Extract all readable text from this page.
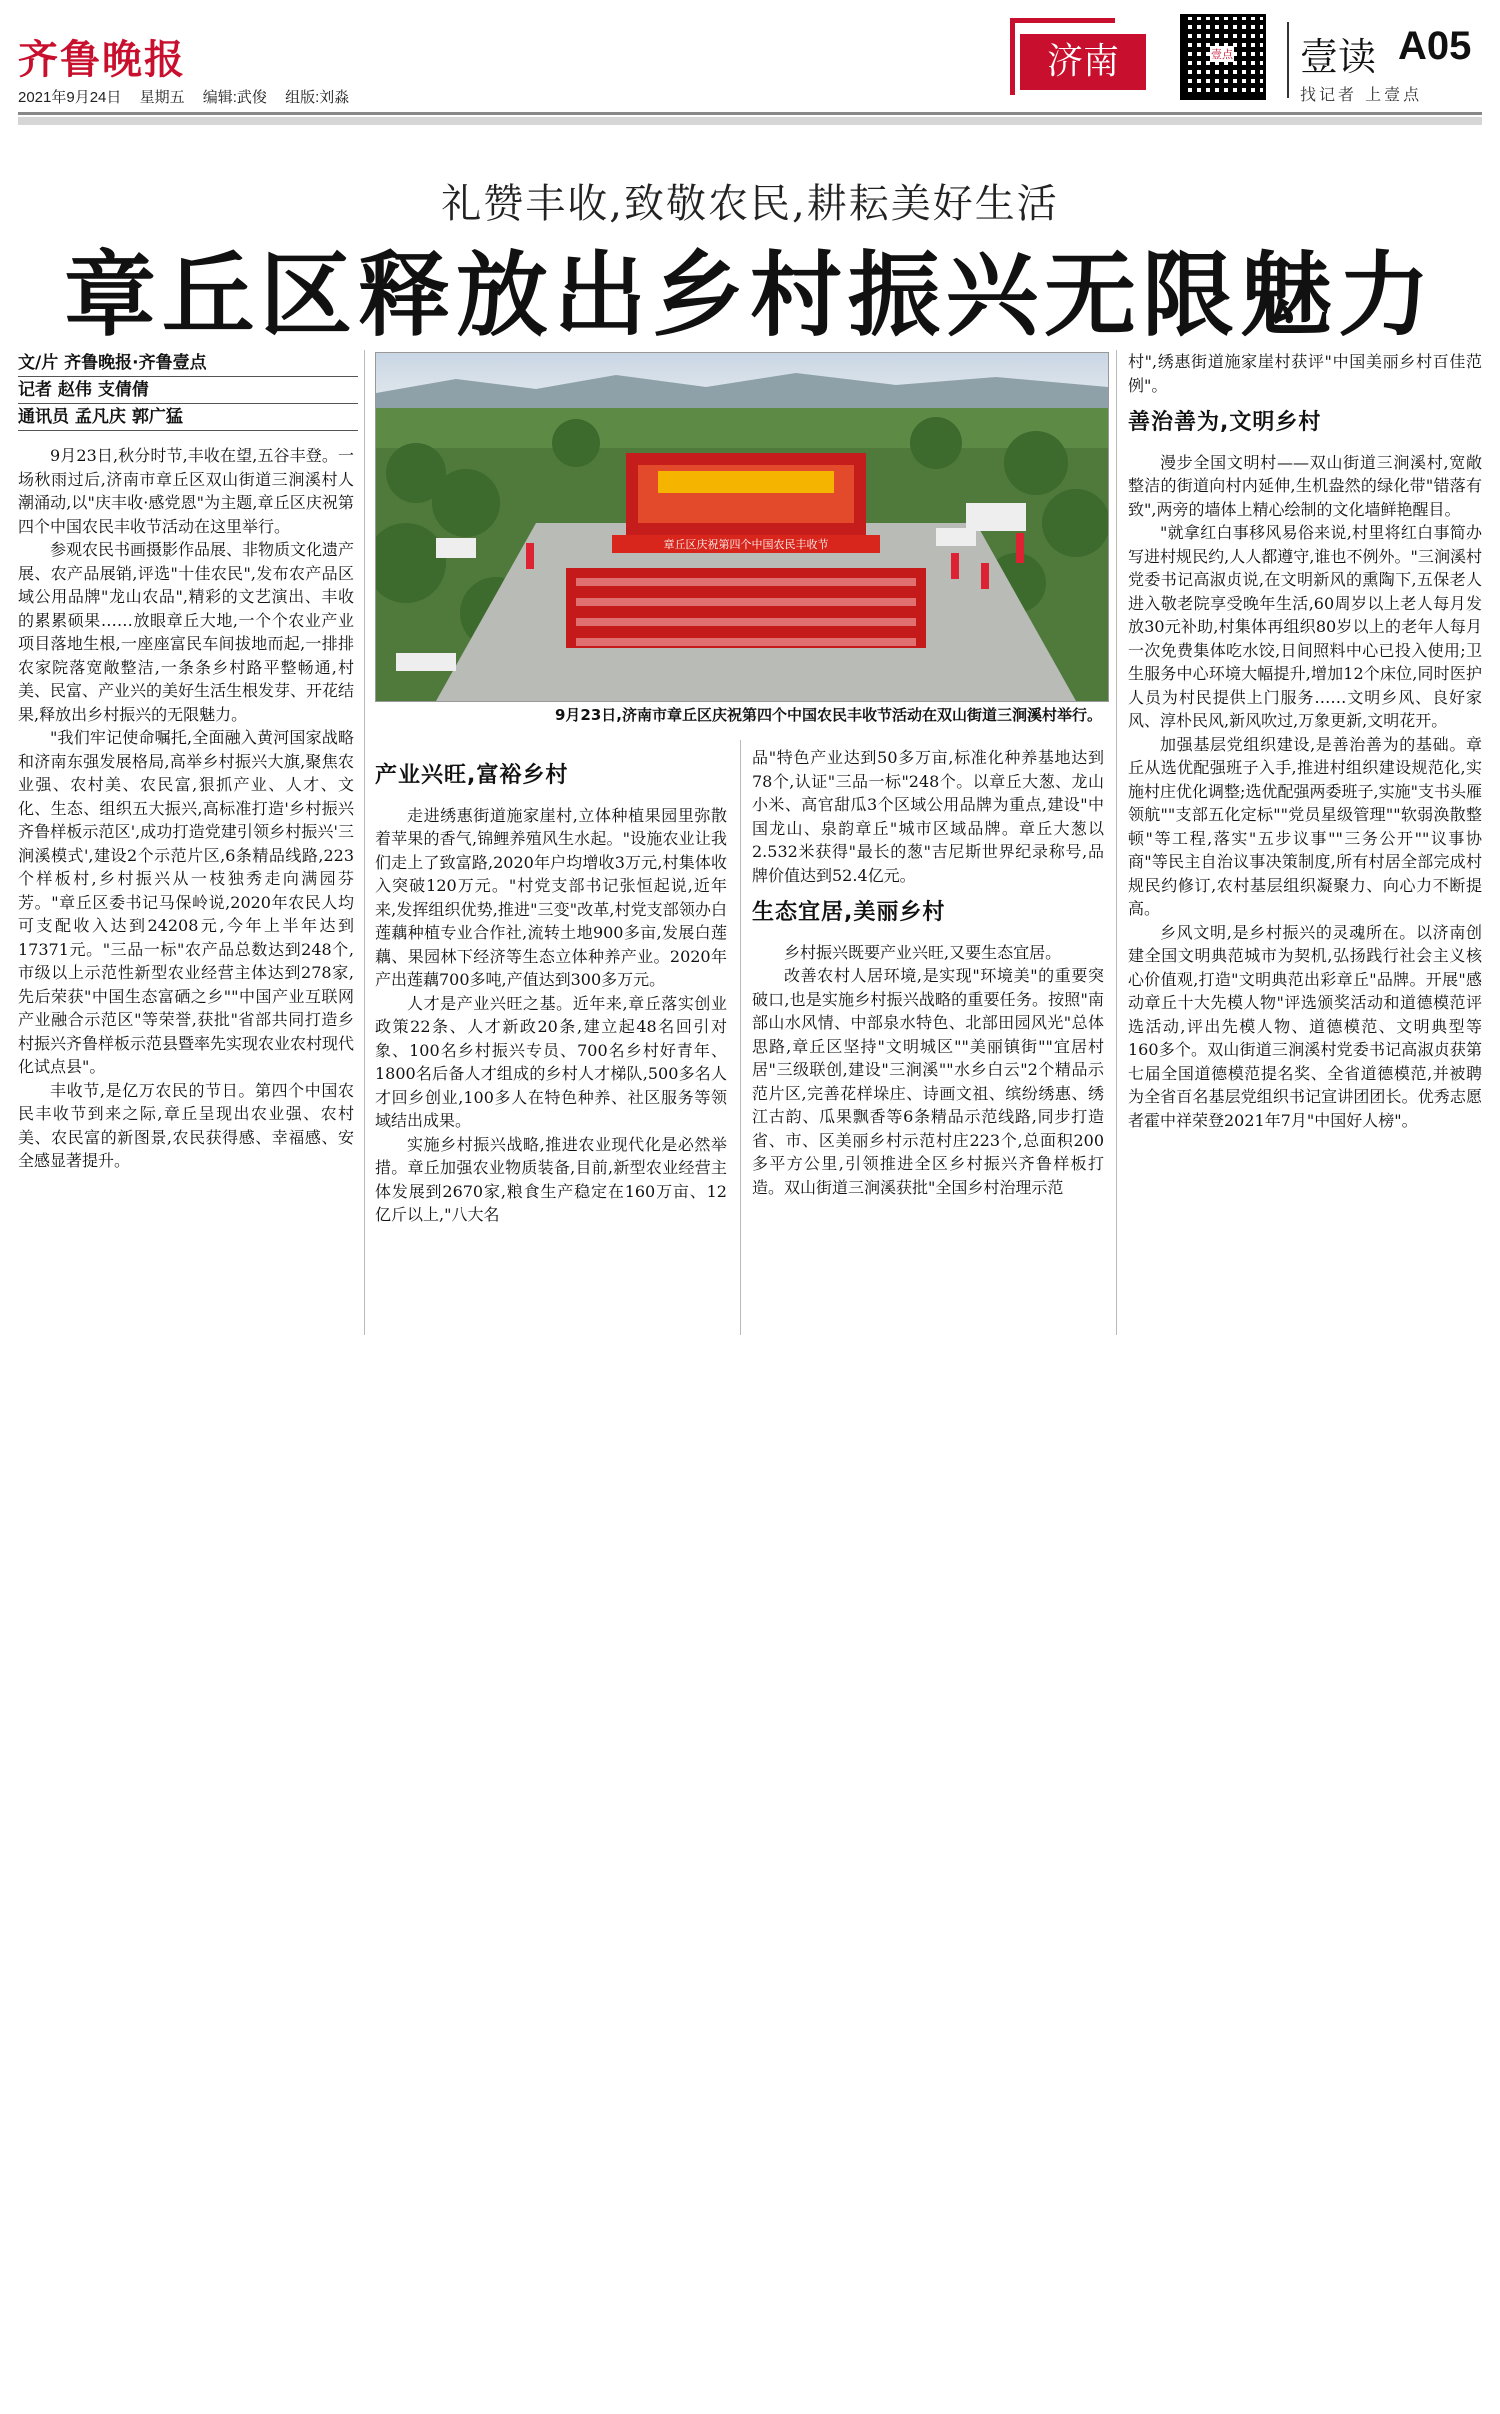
齐鲁晚报
2021年9月24日 星期五 编辑:武俊 组版:刘淼
济南	壹点 壹读 A05
找记者 上壹点
礼赞丰收,致敬农民,耕耘美好生活
章丘区释放出乡村振兴无限魅力
文/片 齐鲁晚报·齐鲁壹点
记者 赵伟 支倩倩
通讯员 孟凡庆 郭广猛
章丘区庆祝第四个中国农民丰收节
9月23日,济南市章丘区庆祝第四个中国农民丰收节活动在双山街道三涧溪村举行。

9月23日,秋分时节,丰收在望,五谷丰登。一场秋雨过后,济南市章丘区双山街道三涧溪村人潮涌动,以"庆丰收·感党恩"为主题,章丘区庆祝第四个中国农民丰收节活动在这里举行。

参观农民书画摄影作品展、非物质文化遗产展、农产品展销,评选"十佳农民",发布农产品区域公用品牌"龙山农品",精彩的文艺演出、丰收的累累硕果……放眼章丘大地,一个个农业产业项目落地生根,一座座富民车间拔地而起,一排排农家院落宽敞整洁,一条条乡村路平整畅通,村美、民富、产业兴的美好生活生根发芽、开花结果,释放出乡村振兴的无限魅力。

"我们牢记使命嘱托,全面融入黄河国家战略和济南东强发展格局,高举乡村振兴大旗,聚焦农业强、农村美、农民富,狠抓产业、人才、文化、生态、组织五大振兴,高标准打造'乡村振兴齐鲁样板示范区',成功打造党建引领乡村振兴'三涧溪模式',建设2个示范片区,6条精品线路,223个样板村,乡村振兴从一枝独秀走向满园芬芳。"章丘区委书记马保岭说,2020年农民人均可支配收入达到24208元,今年上半年达到17371元。"三品一标"农产品总数达到248个,市级以上示范性新型农业经营主体达到278家,先后荣获"中国生态富硒之乡""中国产业互联网产业融合示范区"等荣誉,获批"省部共同打造乡村振兴齐鲁样板示范县暨率先实现农业农村现代化试点县"。

丰收节,是亿万农民的节日。第四个中国农民丰收节到来之际,章丘呈现出农业强、农村美、农民富的新图景,农民获得感、幸福感、安全感显著提升。

产业兴旺,富裕乡村

走进绣惠街道施家崖村,立体种植果园里弥散着苹果的香气,锦鲤养殖风生水起。"设施农业让我们走上了致富路,2020年户均增收3万元,村集体收入突破120万元。"村党支部书记张恒起说,近年来,发挥组织优势,推进"三变"改革,村党支部领办白莲藕种植专业合作社,流转土地900多亩,发展白莲藕、果园林下经济等生态立体种养产业。2020年产出莲藕700多吨,产值达到300多万元。

人才是产业兴旺之基。近年来,章丘落实创业政策22条、人才新政20条,建立起48名回引对象、100名乡村振兴专员、700名乡村好青年、1800名后备人才组成的乡村人才梯队,500多名人才回乡创业,100多人在特色种养、社区服务等领域结出成果。

实施乡村振兴战略,推进农业现代化是必然举措。章丘加强农业物质装备,目前,新型农业经营主体发展到2670家,粮食生产稳定在160万亩、12亿斤以上,"八大名

品"特色产业达到50多万亩,标准化种养基地达到78个,认证"三品一标"248个。以章丘大葱、龙山小米、高官甜瓜3个区域公用品牌为重点,建设"中国龙山、泉韵章丘"城市区域品牌。章丘大葱以2.532米获得"最长的葱"吉尼斯世界纪录称号,品牌价值达到52.4亿元。

生态宜居,美丽乡村

乡村振兴既要产业兴旺,又要生态宜居。

改善农村人居环境,是实现"环境美"的重要突破口,也是实施乡村振兴战略的重要任务。按照"南部山水风情、中部泉水特色、北部田园风光"总体思路,章丘区坚持"文明城区""美丽镇街""宜居村居"三级联创,建设"三涧溪""水乡白云"2个精品示范片区,完善花样垛庄、诗画文祖、缤纷绣惠、绣江古韵、瓜果飘香等6条精品示范线路,同步打造省、市、区美丽乡村示范村庄223个,总面积200多平方公里,引领推进全区乡村振兴齐鲁样板打造。双山街道三涧溪获批"全国乡村治理示范

村",绣惠街道施家崖村获评"中国美丽乡村百佳范例"。

善治善为,文明乡村

漫步全国文明村——双山街道三涧溪村,宽敞整洁的街道向村内延伸,生机盎然的绿化带"错落有致",两旁的墙体上精心绘制的文化墙鲜艳醒目。

"就拿红白事移风易俗来说,村里将红白事简办写进村规民约,人人都遵守,谁也不例外。"三涧溪村党委书记高淑贞说,在文明新风的熏陶下,五保老人进入敬老院享受晚年生活,60周岁以上老人每月发放30元补助,村集体再组织80岁以上的老年人每月一次免费集体吃水饺,日间照料中心已投入使用;卫生服务中心环境大幅提升,增加12个床位,同时医护人员为村民提供上门服务……文明乡风、良好家风、淳朴民风,新风吹过,万象更新,文明花开。

加强基层党组织建设,是善治善为的基础。章丘从选优配强班子入手,推进村组织建设规范化,实施村庄优化调整;选优配强两委班子,实施"支书头雁领航""支部五化定标""党员星级管理""软弱涣散整顿"等工程,落实"五步议事""三务公开""议事协商"等民主自治议事决策制度,所有村居全部完成村规民约修订,农村基层组织凝聚力、向心力不断提高。

乡风文明,是乡村振兴的灵魂所在。以济南创建全国文明典范城市为契机,弘扬践行社会主义核心价值观,打造"文明典范出彩章丘"品牌。开展"感动章丘十大先模人物"评选颁奖活动和道德模范评选活动,评出先模人物、道德模范、文明典型等160多个。双山街道三涧溪村党委书记高淑贞获第七届全国道德模范提名奖、全省道德模范,并被聘为全省百名基层党组织书记宣讲团团长。优秀志愿者霍中祥荣登2021年7月"中国好人榜"。
